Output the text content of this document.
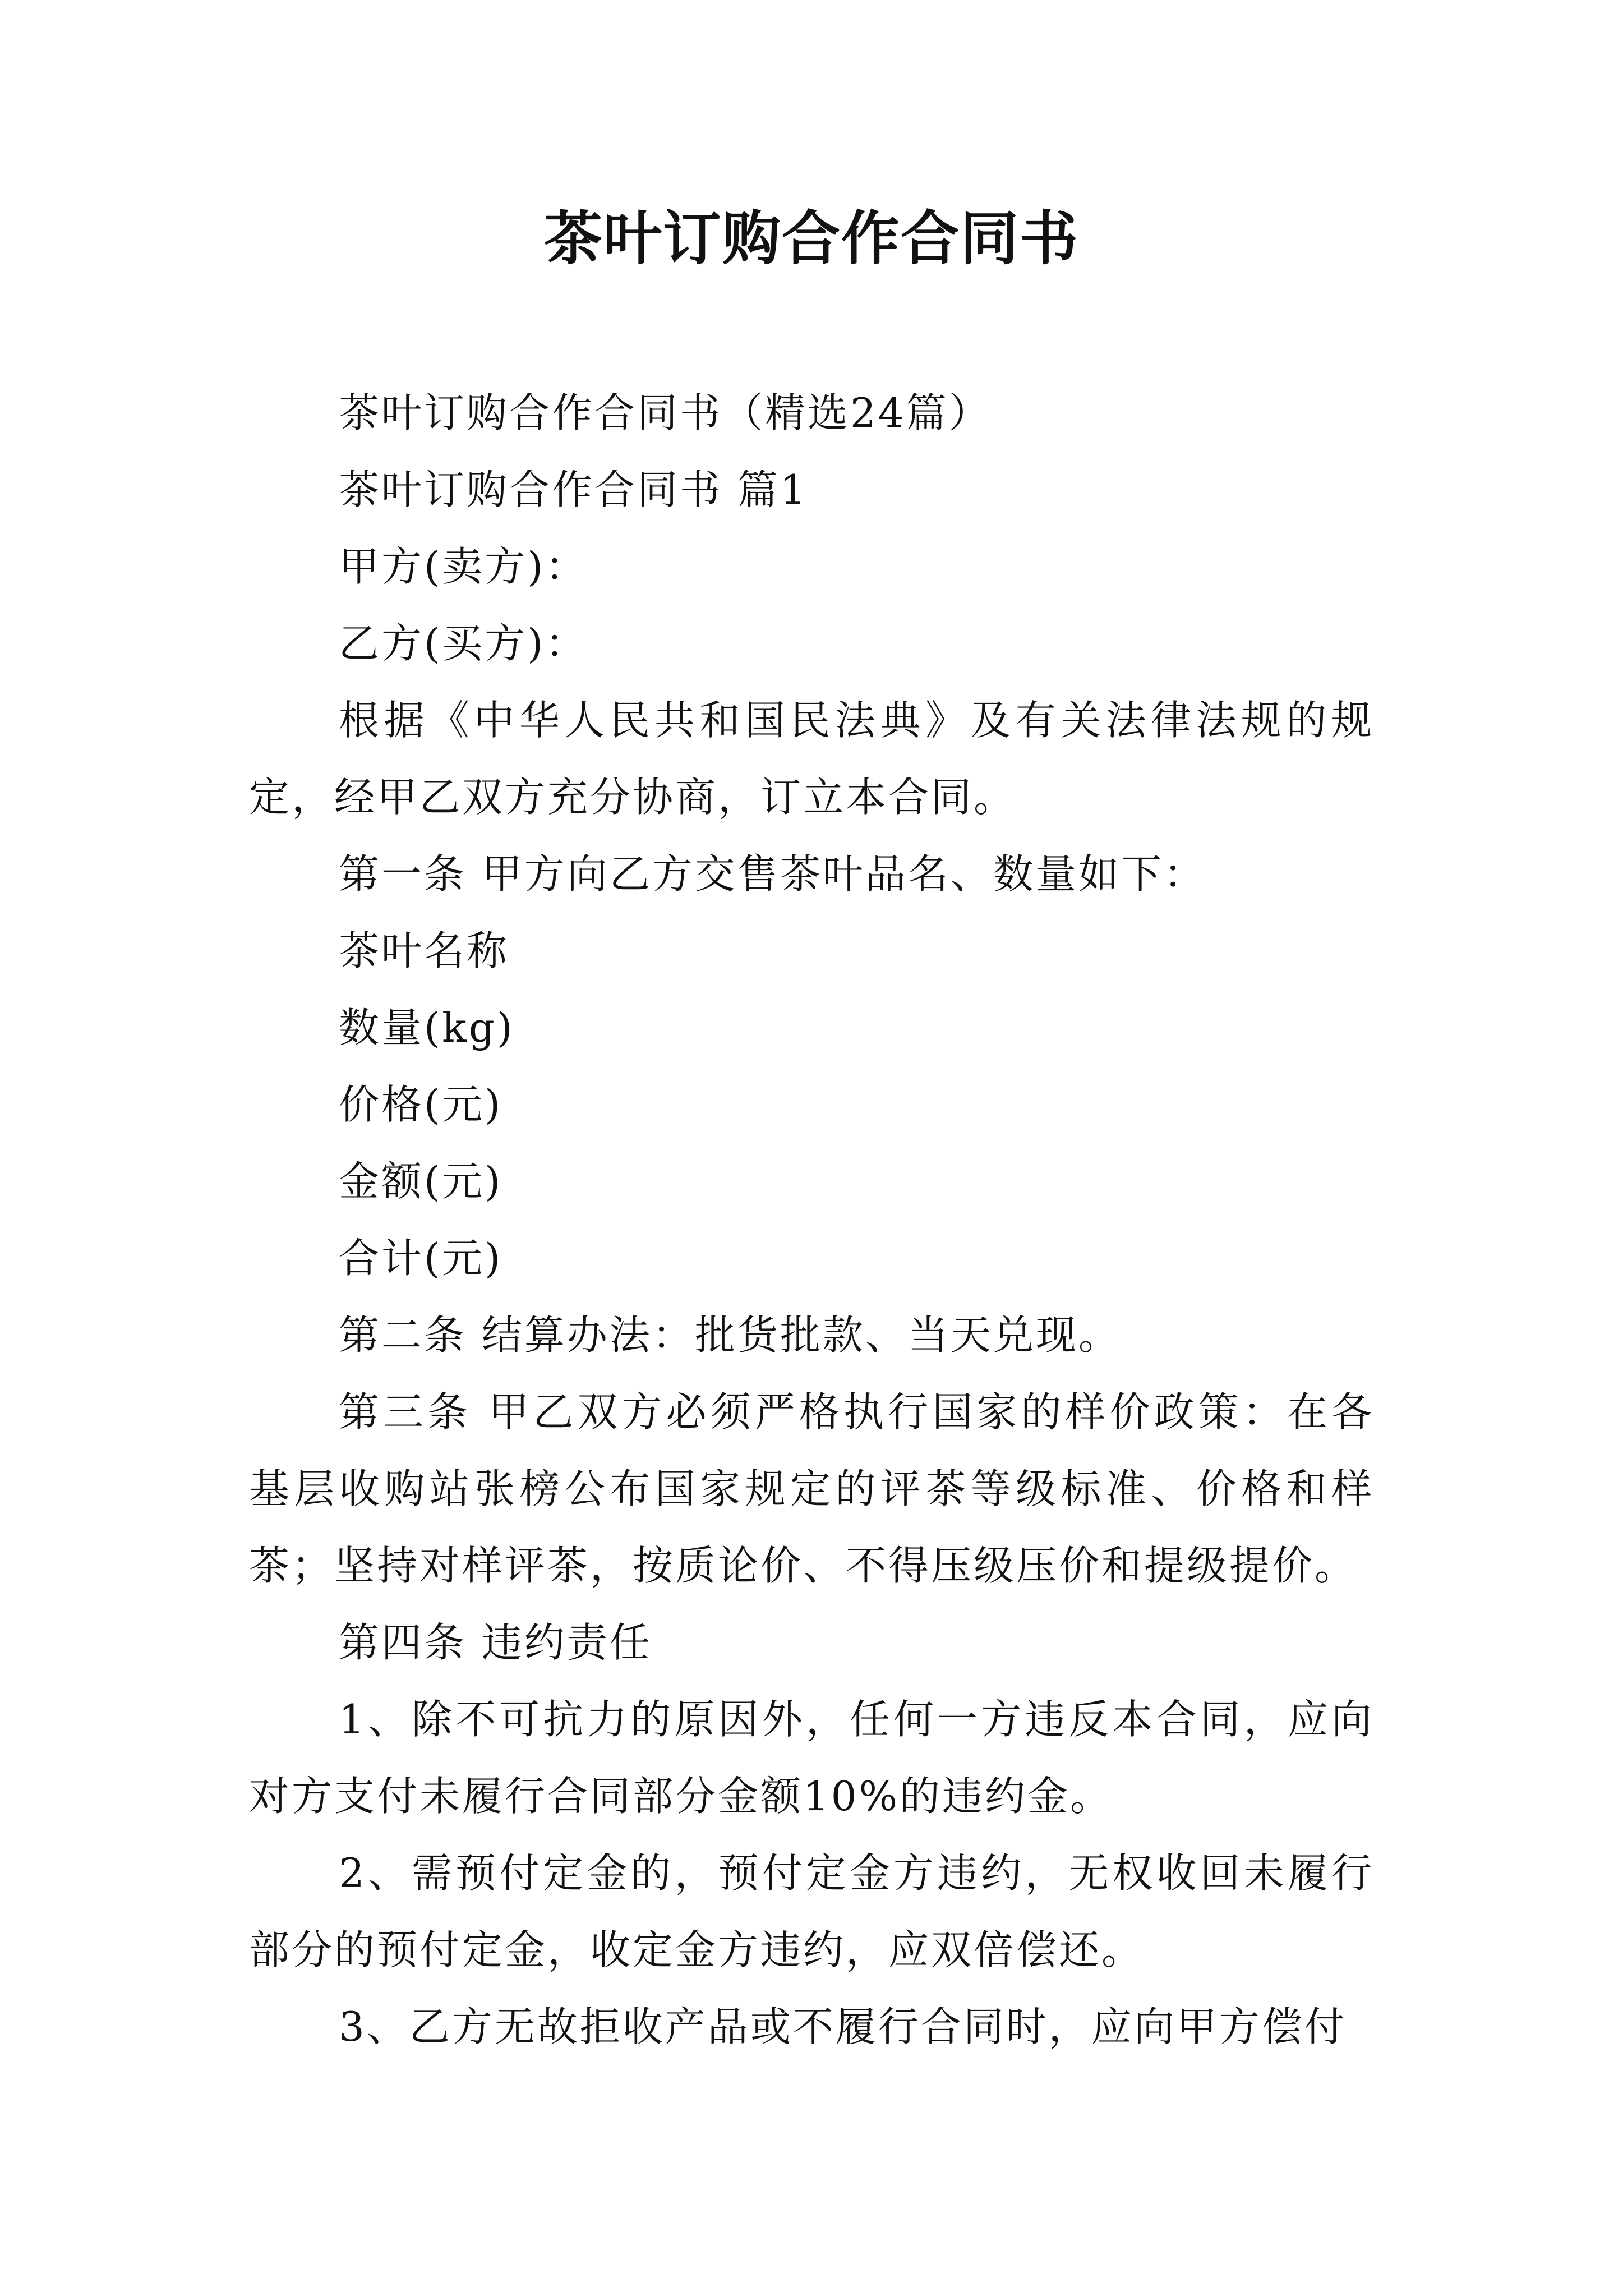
茶叶订购合作合同书

茶叶订购合作合同书（精选24篇）

茶叶订购合作合同书 篇1

甲方(卖方)：

乙方(买方)：

根据《中华人民共和国民法典》及有关法律法规的规定，经甲乙双方充分协商，订立本合同。

第一条 甲方向乙方交售茶叶品名、数量如下：

茶叶名称

数量(kg)

价格(元)

金额(元)

合计(元)

第二条 结算办法：批货批款、当天兑现。

第三条 甲乙双方必须严格执行国家的样价政策：在各基层收购站张榜公布国家规定的评茶等级标准、价格和样茶；坚持对样评茶，按质论价、不得压级压价和提级提价。

第四条 违约责任

1、除不可抗力的原因外，任何一方违反本合同，应向对方支付未履行合同部分金额10%的违约金。

2、需预付定金的，预付定金方违约，无权收回未履行部分的预付定金，收定金方违约，应双倍偿还。

3、乙方无故拒收产品或不履行合同时，应向甲方偿付
